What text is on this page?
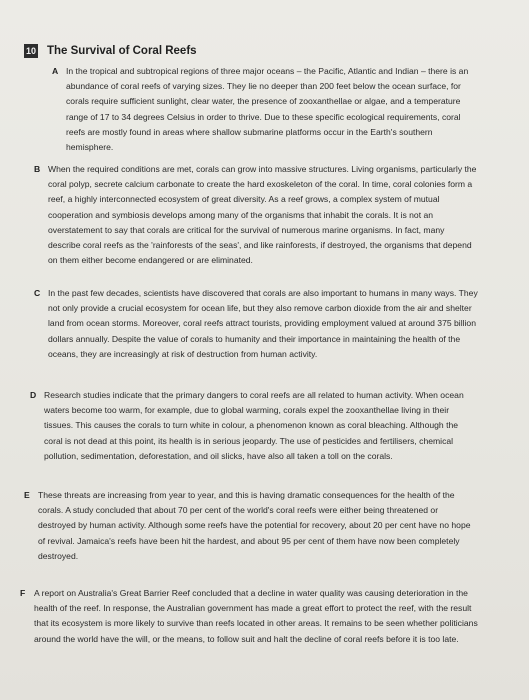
10 The Survival of Coral Reefs
A In the tropical and subtropical regions of three major oceans – the Pacific, Atlantic and Indian – there is an abundance of coral reefs of varying sizes. They lie no deeper than 200 feet below the ocean surface, for corals require sufficient sunlight, clear water, the presence of zooxanthellae or algae, and a temperature range of 17 to 34 degrees Celsius in order to thrive. Due to these specific ecological requirements, coral reefs are mostly found in areas where shallow submarine platforms occur in the Earth's southern hemisphere.
B When the required conditions are met, corals can grow into massive structures. Living organisms, particularly the coral polyp, secrete calcium carbonate to create the hard exoskeleton of the coral. In time, coral colonies form a reef, a highly interconnected ecosystem of great diversity. As a reef grows, a complex system of mutual cooperation and symbiosis develops among many of the organisms that inhabit the corals. It is not an overstatement to say that corals are critical for the survival of numerous marine organisms. In fact, many describe coral reefs as the 'rainforests of the seas', and like rainforests, if destroyed, the organisms that depend on them either become endangered or are eliminated.
C In the past few decades, scientists have discovered that corals are also important to humans in many ways. They not only provide a crucial ecosystem for ocean life, but they also remove carbon dioxide from the air and shelter land from ocean storms. Moreover, coral reefs attract tourists, providing employment valued at around 375 billion dollars annually. Despite the value of corals to humanity and their importance in maintaining the health of the oceans, they are increasingly at risk of destruction from human activity.
D Research studies indicate that the primary dangers to coral reefs are all related to human activity. When ocean waters become too warm, for example, due to global warming, corals expel the zooxanthellae living in their tissues. This causes the corals to turn white in colour, a phenomenon known as coral bleaching. Although the coral is not dead at this point, its health is in serious jeopardy. The use of pesticides and fertilisers, chemical pollution, sedimentation, deforestation, and oil slicks, have also all taken a toll on the corals.
E These threats are increasing from year to year, and this is having dramatic consequences for the health of the corals. A study concluded that about 70 per cent of the world's coral reefs were either being threatened or destroyed by human activity. Although some reefs have the potential for recovery, about 20 per cent have no hope of revival. Jamaica's reefs have been hit the hardest, and about 95 per cent of them have now been completely destroyed.
F	A report on Australia's Great Barrier Reef concluded that a decline in water quality was causing deterioration in the health of the reef. In response, the Australian government has made a great effort to protect the reef, with the result that its ecosystem is more likely to survive than reefs located in other areas. It remains to be seen whether politicians around the world have the will, or the means, to follow suit and halt the decline of coral reefs before it is too late.
